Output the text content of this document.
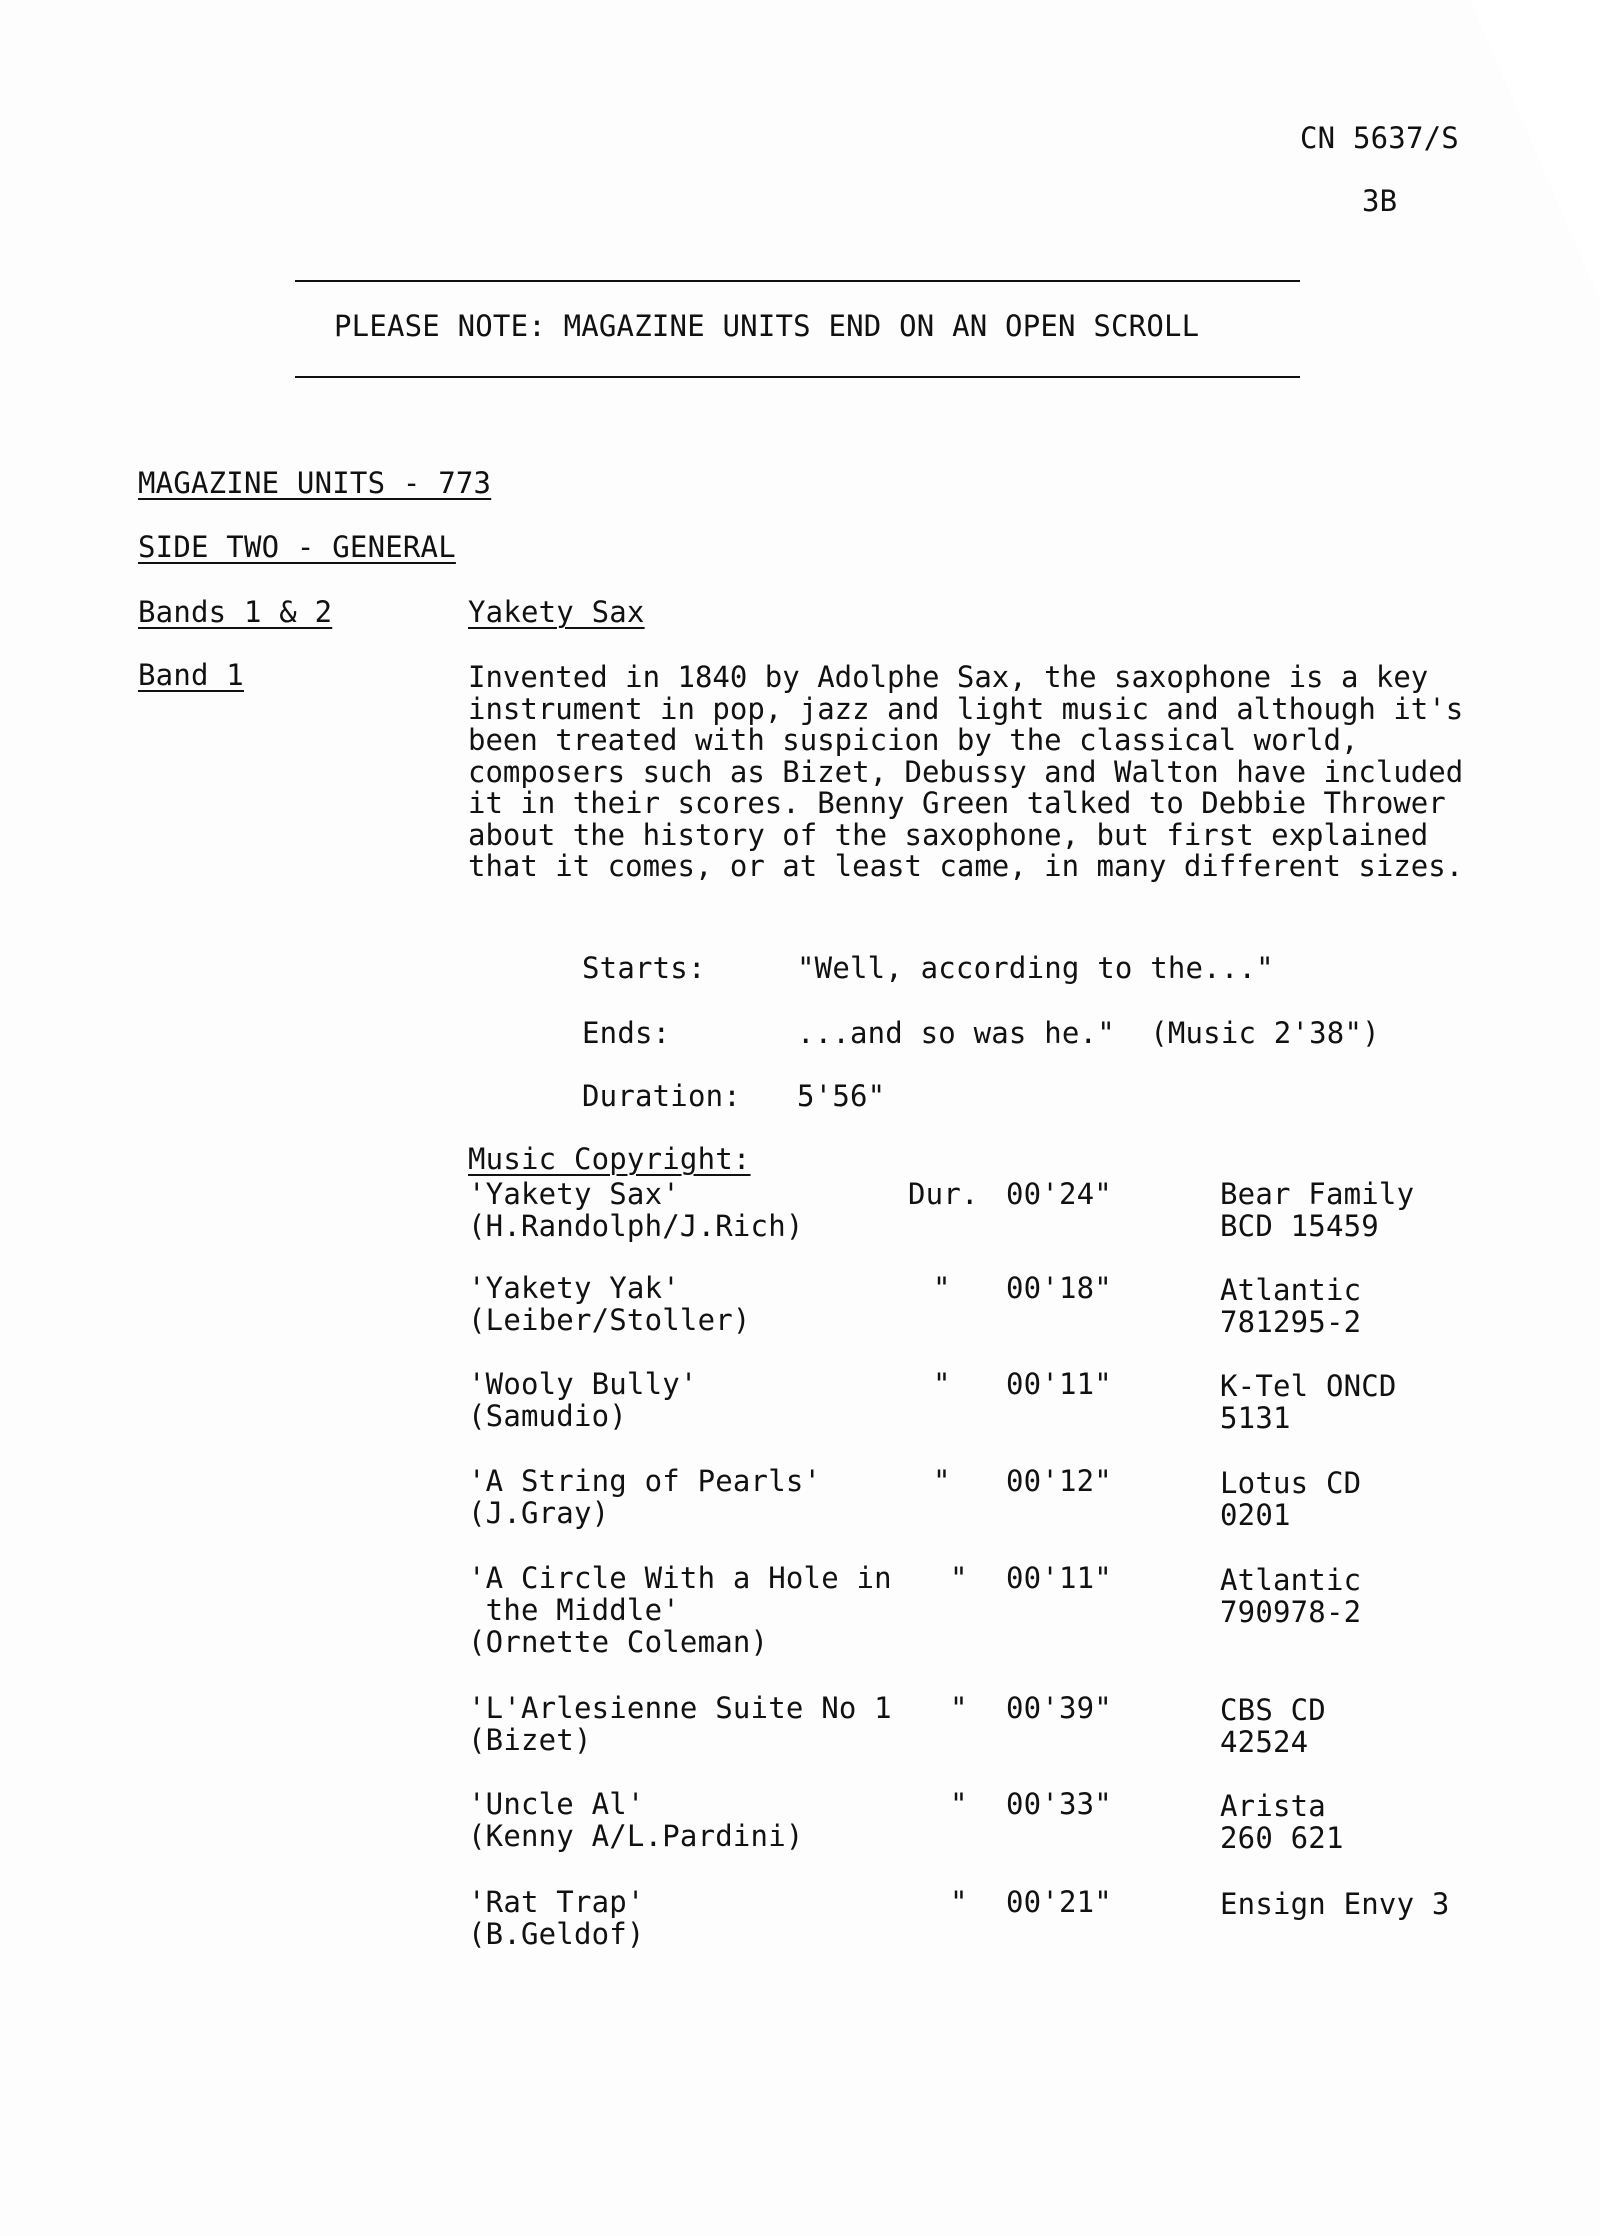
CN 5637/S
3B
PLEASE NOTE: MAGAZINE UNITS END ON AN OPEN SCROLL
MAGAZINE UNITS - 773
SIDE TWO - GENERAL
Bands 1 & 2	Yakety Sax
Band 1	Invented in 1840 by Adolphe Sax, the saxophone is a key instrument in pop, jazz and light music and although it's been treated with suspicion by the classical world, composers such as Bizet, Debussy and Walton have included it in their scores. Benny Green talked to Debbie Thrower about the history of the saxophone, but first explained that it comes, or at least came, in many different sizes.
Starts:	"Well, according to the..."
Ends:	...and so was he."  (Music 2'38")
Duration: 5'56"
Music Copyright:
'Yakety Sax'	Dur. 00'24"	Bear Family
(H.Randolph/J.Rich)	BCD 15459
'Yakety Yak'	" 00'18"	Atlantic
(Leiber/Stoller)	781295-2
'Wooly Bully'	" 00'11"	K-Tel ONCD
(Samudio)	5131
'A String of Pearls'	" 00'12"	Lotus CD
(J.Gray)	0201
'A Circle With a Hole in " 00'11"	Atlantic
the Middle'	790978-2
(Ornette Coleman)
'L'Arlesienne Suite No 1 " 00'39"	CBS CD
(Bizet)	42524
'Uncle Al'	" 00'33"	Arista
(Kenny A/L.Pardini)	260 621
'Rat Trap'	" 00'21"	Ensign Envy 3
(B.Geldof)
